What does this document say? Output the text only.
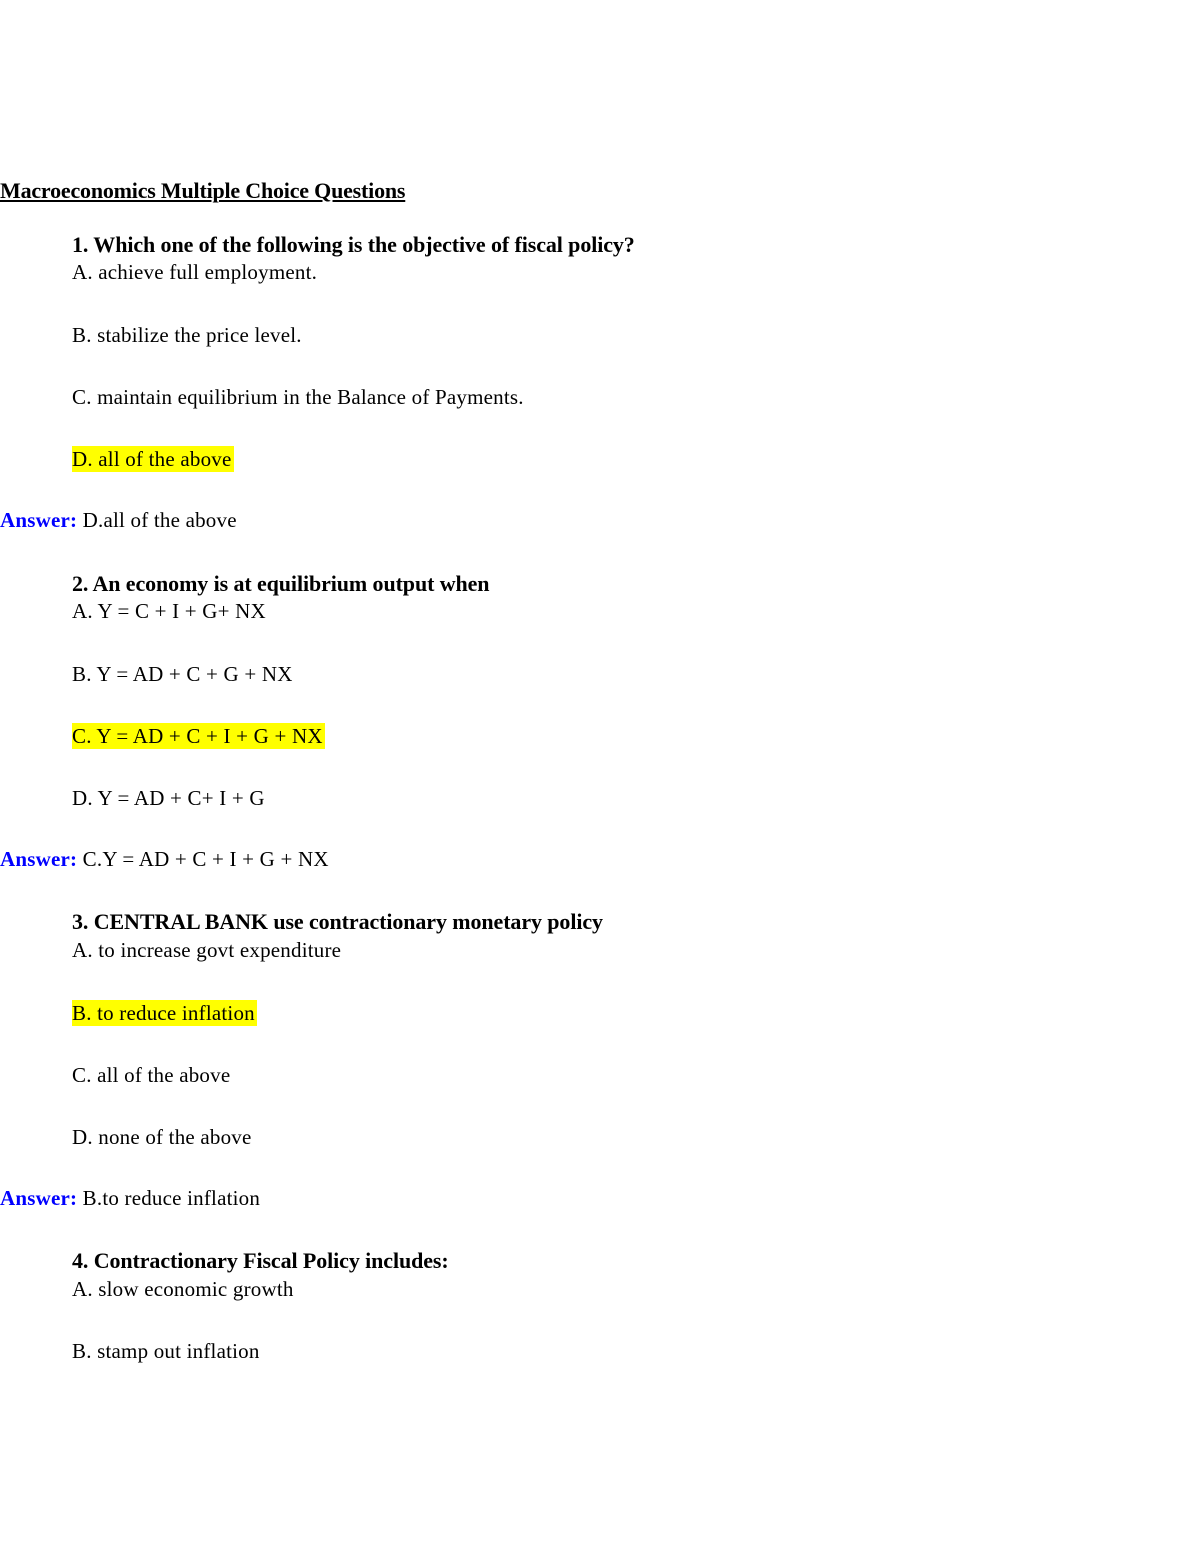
Macroeconomics Multiple Choice Questions
1. Which one of the following is the objective of fiscal policy?
A. achieve full employment.
B. stabilize the price level.
C. maintain equilibrium in the Balance of Payments.
D. all of the above
Answer: D.all of the above
2. An economy is at equilibrium output when
A. Y = C + I + G+ NX
B. Y = AD + C + G + NX
C. Y = AD + C + I + G + NX
D. Y = AD + C+ I + G
Answer: C.Y = AD + C + I + G + NX
3. CENTRAL BANK use contractionary monetary policy
A. to increase govt expenditure
B. to reduce inflation
C. all of the above
D. none of the above
Answer: B.to reduce inflation
4. Contractionary Fiscal Policy includes:
A. slow economic growth
B. stamp out inflation
